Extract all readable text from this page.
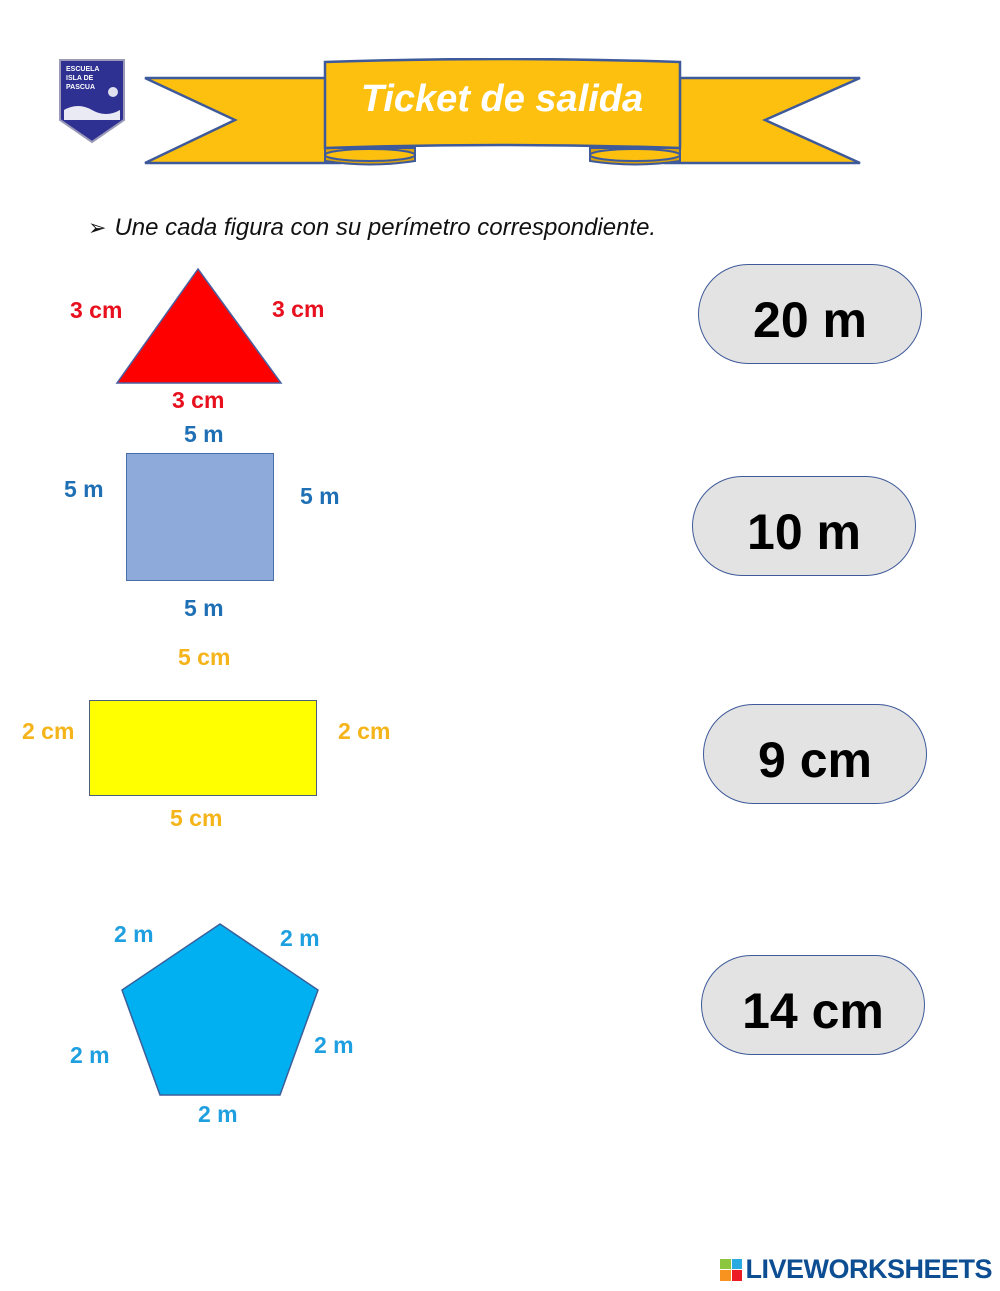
ESCUELA
ISLA DE
PASCUA
PENCO
Ticket de salida
➢ Une cada figura con su perímetro correspondiente.
3 cm	3 cm
3 cm
5 m
5 m	5 m
5 m
5 cm
2 cm	2 cm
5 cm
2 m	2 m
2 m	2 m
2 m
20 m
10 m
9 cm
14 cm
LIVEWORKSHEETS
